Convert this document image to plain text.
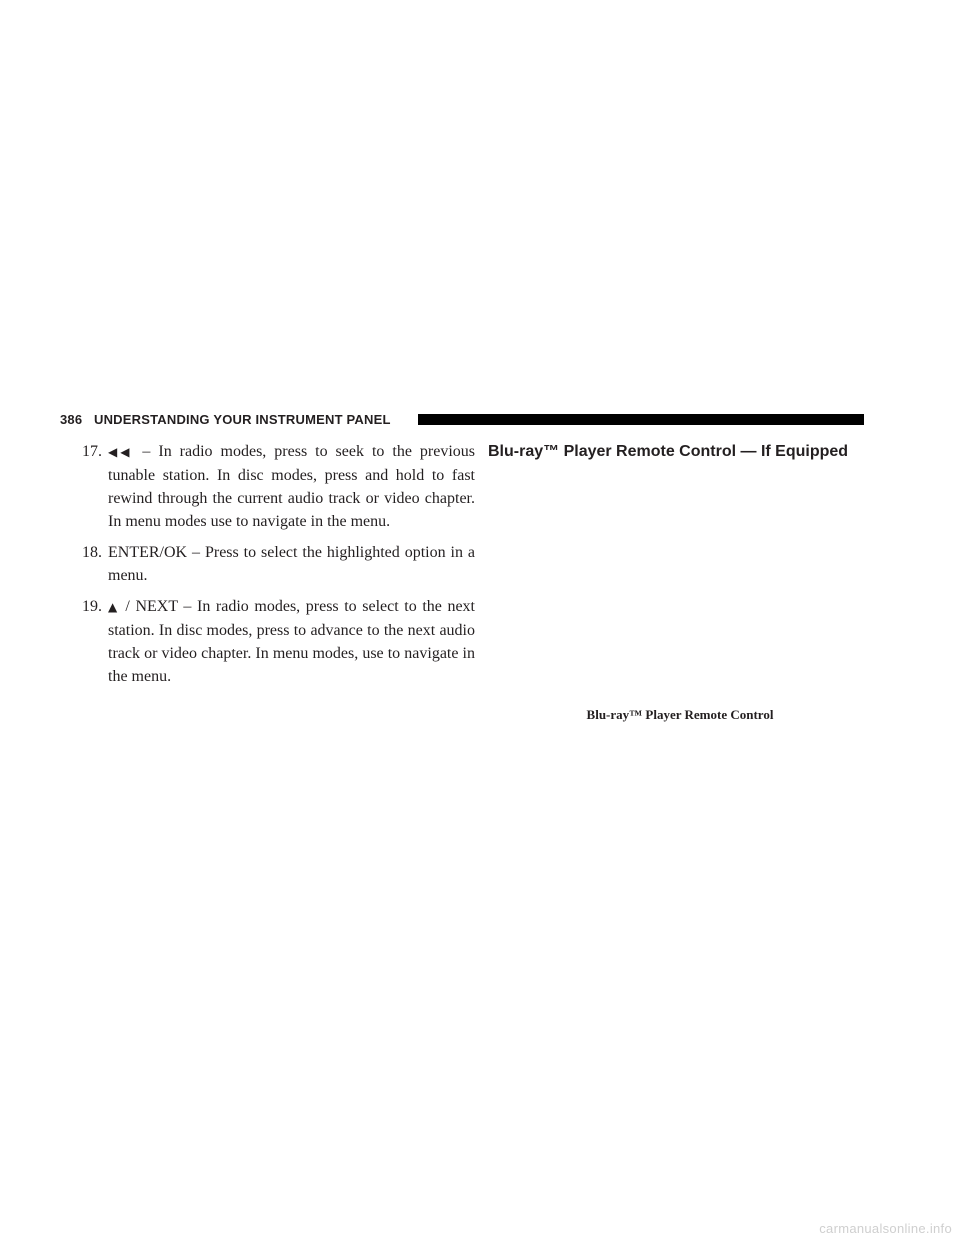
386 UNDERSTANDING YOUR INSTRUMENT PANEL
17. ◀◀ – In radio modes, press to seek to the previous tunable station. In disc modes, press and hold to fast rewind through the current audio track or video chapter. In menu modes use to navigate in the menu.
18. ENTER/OK – Press to select the highlighted option in a menu.
19. ▲ / NEXT – In radio modes, press to select to the next station. In disc modes, press to advance to the next audio track or video chapter. In menu modes, use to navigate in the menu.
Blu-ray™ Player Remote Control — If Equipped
Blu-ray™ Player Remote Control
carmanualsonline.info
